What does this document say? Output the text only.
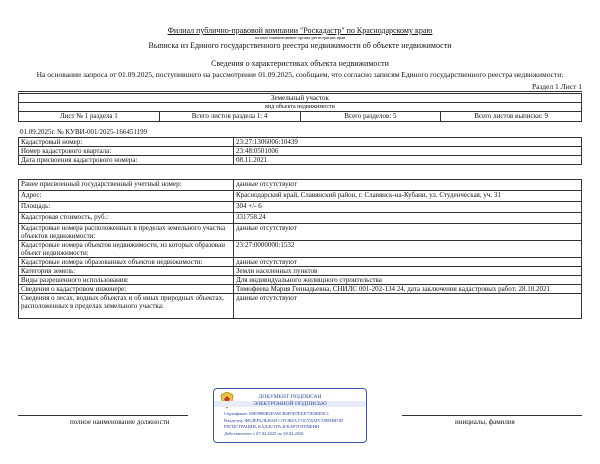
Филиал публично-правовой компании "Роскадастр" по Краснодарскому краю
полное наименование органа регистрации прав
Выписка из Единого государственного реестра недвижимости об объекте недвижимости
Сведения о характеристиках объекта недвижимости
На основании запроса от 01.09.2025, поступившего на рассмотрение 01.09.2025, сообщаем, что согласно записям Единого государственного реестра недвижимости:
Раздел 1 Лист 1
Земельный участок
вид объекта недвижимости
Лист № 1 раздела 1	Всего листов раздела 1: 4	Всего разделов: 5	Всего листов выписки: 9
01.09.2025г. № КУВИ-001/2025-166451199
Кадастровый номер:	23:27:1306006:10439
Номер кадастрового квартала:	23:48:0501006
Дата присвоения кадастрового номера:	08.11.2021
Ранее присвоенный государственный учетный номер:	данные отсутствуют
Адрес:	Краснодарский край, Славянский район, г. Славянск-на-Кубани, ул. Студенческая, уч. 31
Площадь:	304 +/- 6
Кадастровая стоимость, руб.:	331758.24
Кадастровые номера расположенных в пределах земельного участка объектов недвижимости:	данные отсутствуют
Кадастровые номера объектов недвижимости, из которых образован объект недвижимости:	23:27:0000000:1532
Кадастровые номера образованных объектов недвижимости:	данные отсутствуют
Категория земель:	Земли населенных пунктов
Виды разрешенного использования:	Для индивидуального жилищного строительства
Сведения о кадастровом инженере:	Тимофеева Мария Геннадьевна, СНИЛС 001-202-134 24, дата заключения кадастровых работ: 28.10.2021
Сведения о лесах, водных объектах и об иных природных объектах, расположенных в пределах земельного участка:	данные отсутствуют
ДОКУМЕНТ ПОДПИСАН
ЭЛЕКТРОННОЙ ПОДПИСЬЮ
Сертификат: 00E9880B2DA8CB6F9D7EEE75E8BE8C1
Владелец: ФЕДЕРАЛЬНАЯ СЛУЖБА ГОСУДАРСТВЕННОЙ
РЕГИСТРАЦИИ, КАДАСТРА И КАРТОГРАФИИ
Действителен: с 07.02.2025 по 28.04.2026
полное наименование должности	инициалы, фамилия
